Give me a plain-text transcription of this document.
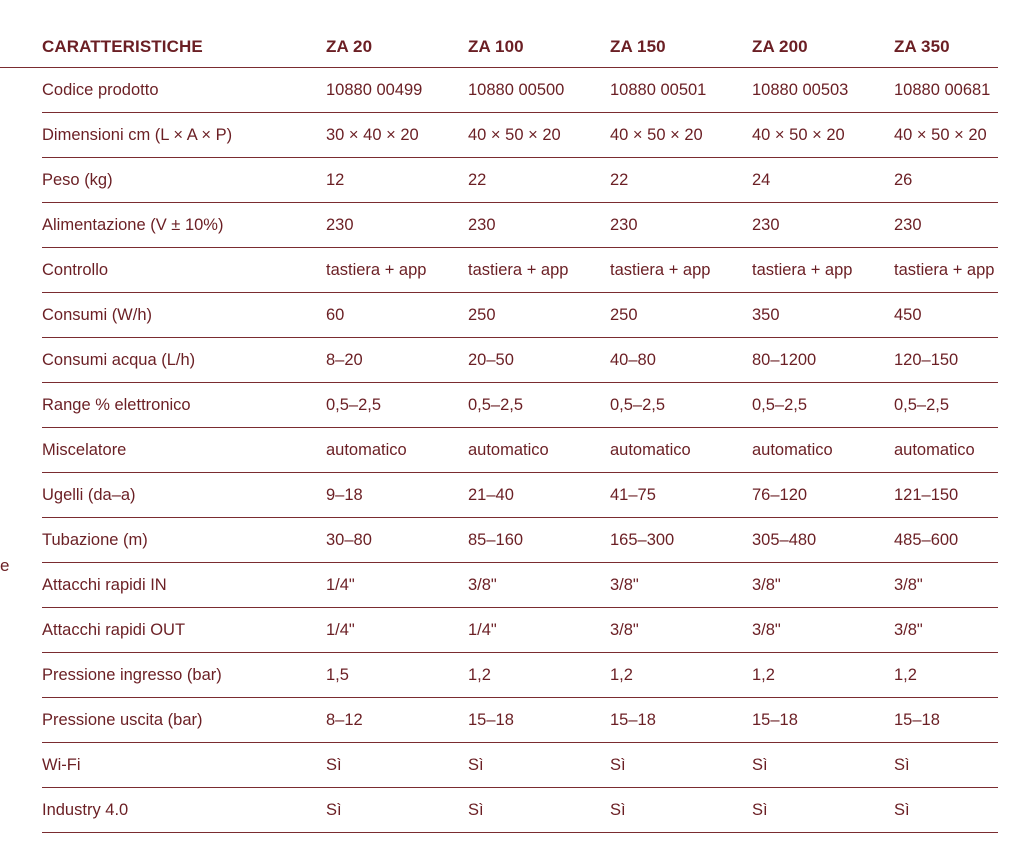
e
CARATTERISTICHE	ZA 20	ZA 100	ZA 150	ZA 200	ZA 350
Codice prodotto	10880 00499	10880 00500	10880 00501	10880 00503	10880 00681
Dimensioni cm (L × A × P)	30 × 40 × 20	40 × 50 × 20	40 × 50 × 20	40 × 50 × 20	40 × 50 × 20
Peso (kg)	12	22	22	24	26
Alimentazione (V ± 10%)	230	230	230	230	230
Controllo	tastiera + app	tastiera + app	tastiera + app	tastiera + app	tastiera + app
Consumi (W/h)	60	250	250	350	450
Consumi acqua (L/h)	8–20	20–50	40–80	80–1200	120–150
Range % elettronico	0,5–2,5	0,5–2,5	0,5–2,5	0,5–2,5	0,5–2,5
Miscelatore	automatico	automatico	automatico	automatico	automatico
Ugelli (da–a)	9–18	21–40	41–75	76–120	121–150
Tubazione (m)	30–80	85–160	165–300	305–480	485–600
Attacchi rapidi IN	1/4"	3/8"	3/8"	3/8"	3/8"
Attacchi rapidi OUT	1/4"	1/4"	3/8"	3/8"	3/8"
Pressione ingresso (bar)	1,5	1,2	1,2	1,2	1,2
Pressione uscita (bar)	8–12	15–18	15–18	15–18	15–18
Wi-Fi	Sì	Sì	Sì	Sì	Sì
Industry 4.0	Sì	Sì	Sì	Sì	Sì
